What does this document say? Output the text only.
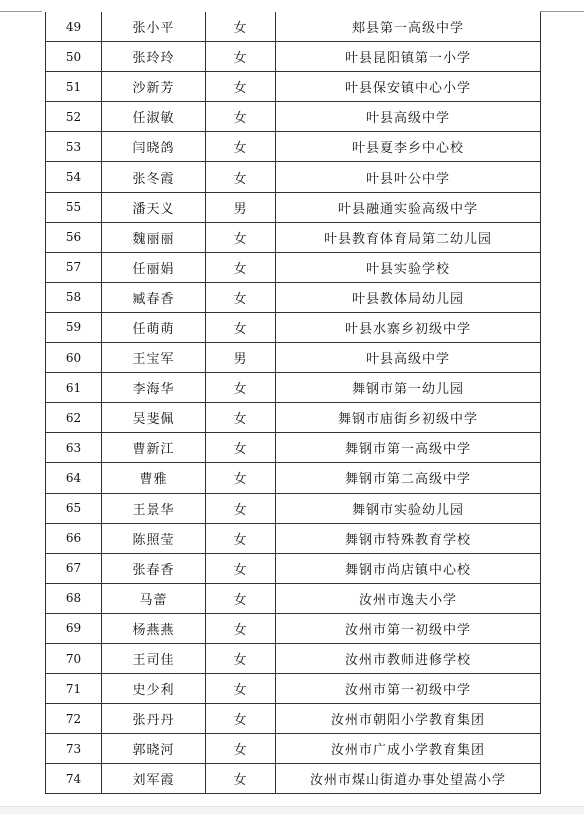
49	张小平	女	郏县第一高级中学
50	张玲玲	女	叶县昆阳镇第一小学
51	沙新芳	女	叶县保安镇中心小学
52	任淑敏	女	叶县高级中学
53	闫晓鸽	女	叶县夏李乡中心校
54	张冬霞	女	叶县叶公中学
55	潘天义	男	叶县融通实验高级中学
56	魏丽丽	女	叶县教育体育局第二幼儿园
57	任丽娟	女	叶县实验学校
58	臧春香	女	叶县教体局幼儿园
59	任萌萌	女	叶县水寨乡初级中学
60	王宝军	男	叶县高级中学
61	李海华	女	舞钢市第一幼儿园
62	吴斐佩	女	舞钢市庙街乡初级中学
63	曹新江	女	舞钢市第一高级中学
64	曹雅	女	舞钢市第二高级中学
65	王景华	女	舞钢市实验幼儿园
66	陈照莹	女	舞钢市特殊教育学校
67	张春香	女	舞钢市尚店镇中心校
68	马蕾	女	汝州市逸夫小学
69	杨燕燕	女	汝州市第一初级中学
70	王司佳	女	汝州市教师进修学校
71	史少利	女	汝州市第一初级中学
72	张丹丹	女	汝州市朝阳小学教育集团
73	郭晓河	女	汝州市广成小学教育集团
74	刘军霞	女	汝州市煤山街道办事处望嵩小学
